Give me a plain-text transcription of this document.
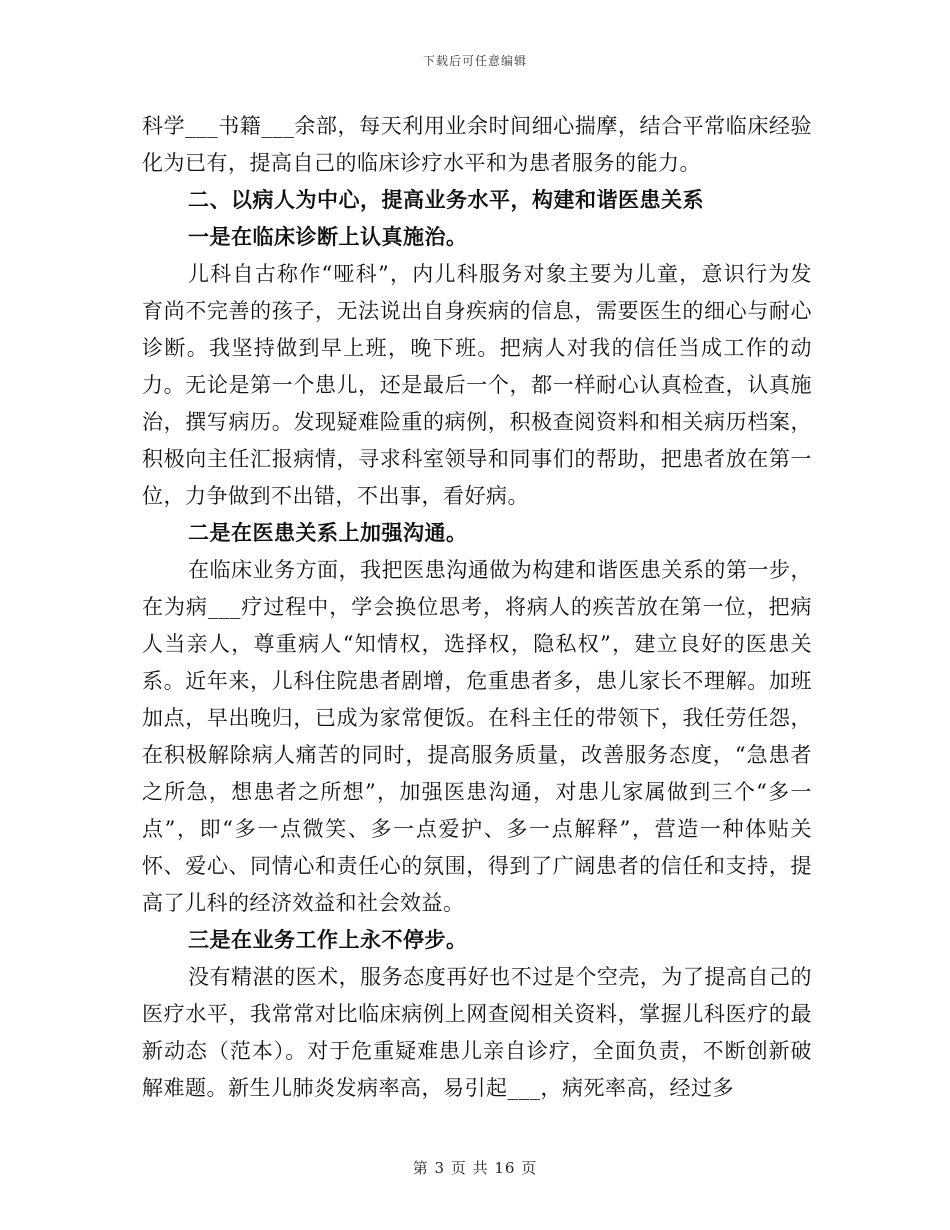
下载后可任意编辑

科学___书籍___余部，每天利用业余时间细心揣摩，结合平常临床经验化为已有，提高自己的临床诊疗水平和为患者服务的能力。

二、以病人为中心，提高业务水平，构建和谐医患关系

一是在临床诊断上认真施治。

儿科自古称作“哑科”，内儿科服务对象主要为儿童，意识行为发育尚不完善的孩子，无法说出自身疾病的信息，需要医生的细心与耐心诊断。我坚持做到早上班，晚下班。把病人对我的信任当成工作的动力。无论是第一个患儿，还是最后一个，都一样耐心认真检查，认真施治，撰写病历。发现疑难险重的病例，积极查阅资料和相关病历档案，积极向主任汇报病情，寻求科室领导和同事们的帮助，把患者放在第一位，力争做到不出错，不出事，看好病。

二是在医患关系上加强沟通。

在临床业务方面，我把医患沟通做为构建和谐医患关系的第一步，在为病___疗过程中，学会换位思考，将病人的疾苦放在第一位，把病人当亲人，尊重病人“知情权，选择权，隐私权”，建立良好的医患关系。近年来，儿科住院患者剧增，危重患者多，患儿家长不理解。加班加点，早出晚归，已成为家常便饭。在科主任的带领下，我任劳任怨，在积极解除病人痛苦的同时，提高服务质量，改善服务态度，“急患者之所急，想患者之所想”，加强医患沟通，对患儿家属做到三个“多一点”，即“多一点微笑、多一点爱护、多一点解释”，营造一种体贴关怀、爱心、同情心和责任心的氛围，得到了广阔患者的信任和支持，提高了儿科的经济效益和社会效益。

三是在业务工作上永不停步。

没有精湛的医术，服务态度再好也不过是个空壳，为了提高自己的医疗水平，我常常对比临床病例上网查阅相关资料，掌握儿科医疗的最新动态（范本）。对于危重疑难患儿亲自诊疗，全面负责，不断创新破解难题。新生儿肺炎发病率高，易引起___，病死率高，经过多

第 3 页 共 16 页
